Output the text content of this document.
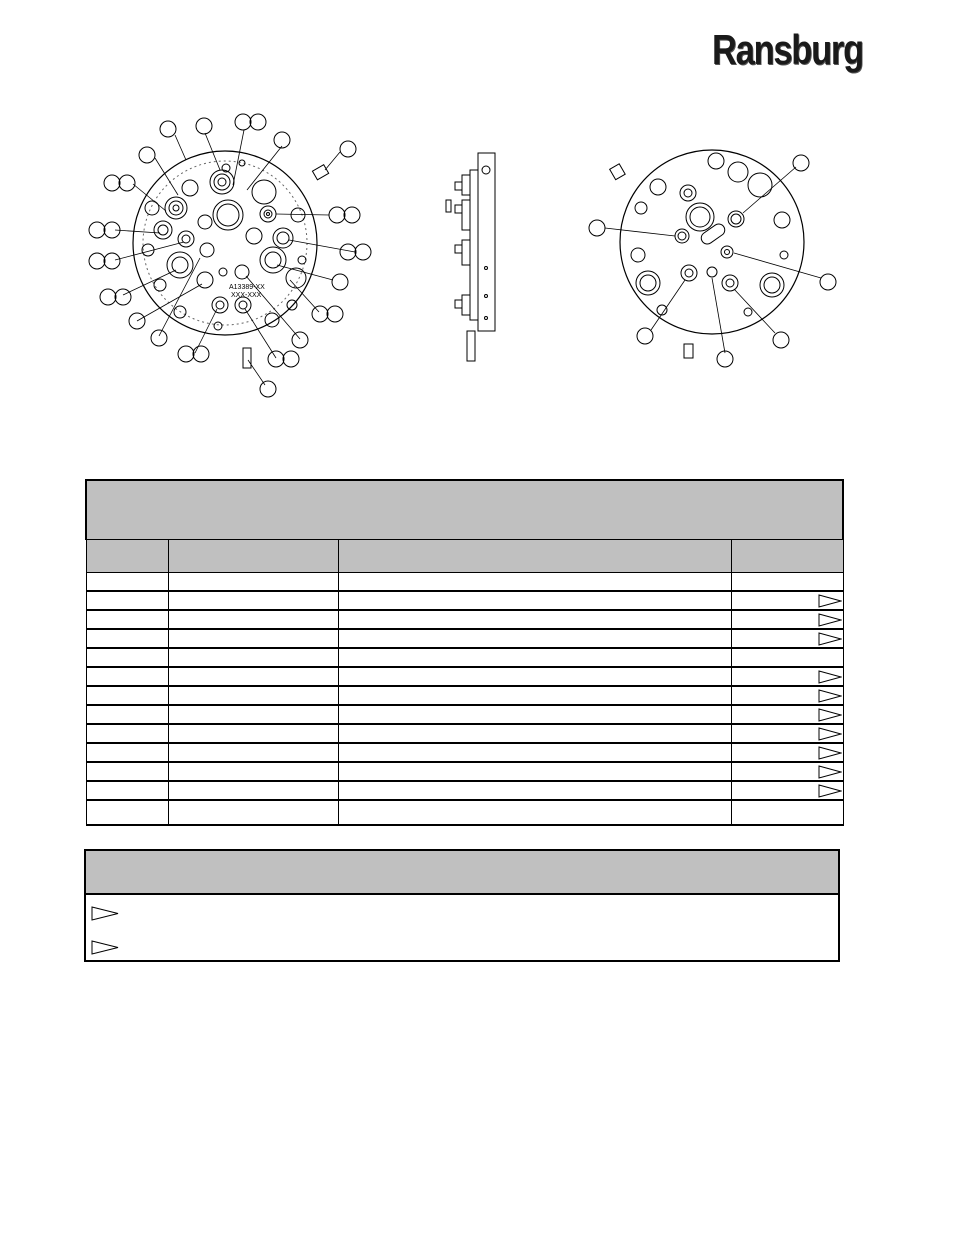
Ransburg
A13389-XX
XXX-XXX
